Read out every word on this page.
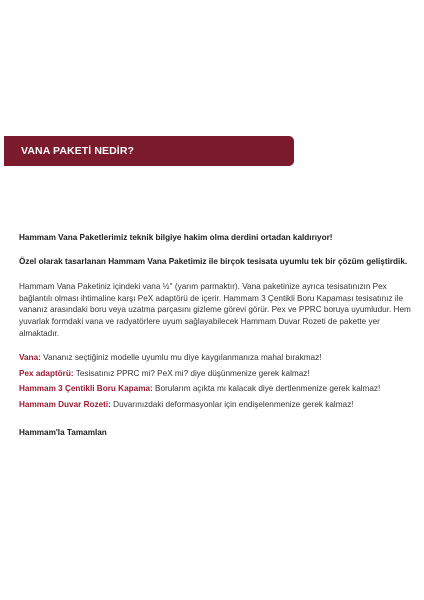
VANA PAKETİ NEDİR?

Hammam Vana Paketlerimiz teknik bilgiye hakim olma derdini ortadan kaldırıyor!

Özel olarak tasarlanan Hammam Vana Paketimiz ile birçok tesisata uyumlu tek bir çözüm geliştirdik.

Hammam Vana Paketiniz içindeki vana ½'' (yarım parmaktır). Vana paketinize ayrıca tesisatınızın Pex bağlantılı olması ihtimaline karşı PeX adaptörü de içerir. Hammam 3 Çentikli Boru Kapaması tesisatınız ile vananız arasındaki boru veya uzatma parçasını gizleme görevi görür. Pex ve PPRC boruya uyumludur. Hem yuvarlak formdaki vana ve radyatörlere uyum sağlayabilecek Hammam Duvar Rozeti de pakette yer almaktadır.

Vana: Vananız seçtiğiniz modelle uyumlu mu diye kaygılanmanıza mahal bırakmaz!

Pex adaptörü: Tesisatınız PPRC mi? PeX mi? diye düşünmenize gerek kalmaz!

Hammam 3 Çentikli Boru Kapama: Borularım açıkta mı kalacak diye dertlenmenize gerek kalmaz!

Hammam Duvar Rozeti: Duvarınızdaki deformasyonlar için endişelenmenize gerek kalmaz!

Hammam'la Tamamlan
